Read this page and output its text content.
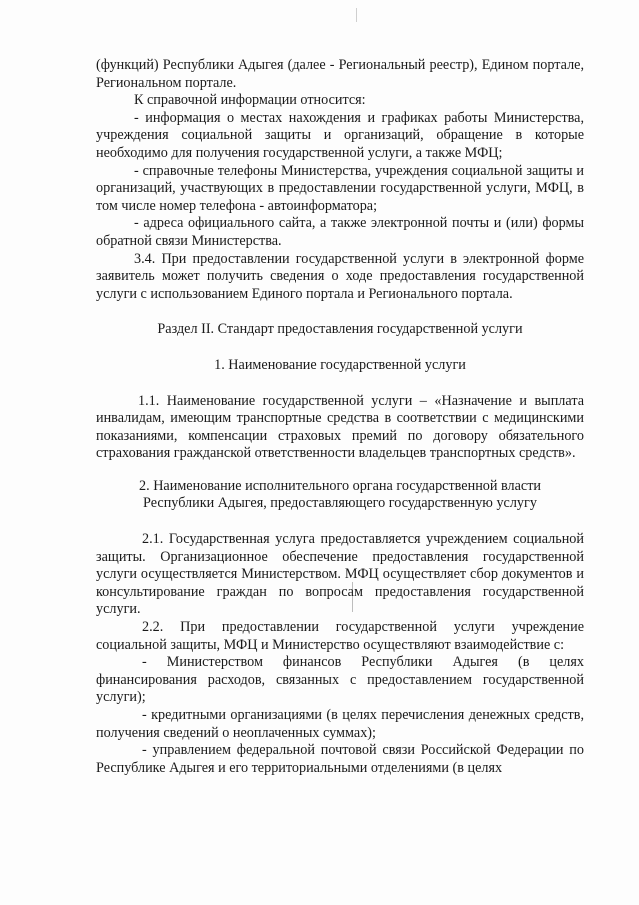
(функций) Республики Адыгея (далее - Региональный реестр), Едином портале, Региональном портале.

К справочной информации относится:

- информация о местах нахождения и графиках работы Министерства, учреждения социальной защиты и организаций, обращение в которые необходимо для получения государственной услуги, а также МФЦ;

- справочные телефоны Министерства, учреждения социальной защиты и организаций, участвующих в предоставлении государственной услуги, МФЦ, в том числе номер телефона - автоинформатора;

- адреса официального сайта, а также электронной почты и (или) формы обратной связи Министерства.

3.4. При предоставлении государственной услуги в электронной форме заявитель может получить сведения о ходе предоставления государственной услуги с использованием Единого портала и Регионального портала.

Раздел II. Стандарт предоставления государственной услуги

1. Наименование государственной услуги

1.1. Наименование государственной услуги – «Назначение и выплата инвалидам, имеющим транспортные средства в соответствии с медицинскими показаниями, компенсации страховых премий по договору обязательного страхования гражданской ответственности владельцев транспортных средств».

2. Наименование исполнительного органа государственной власти

Республики Адыгея, предоставляющего государственную услугу

2.1. Государственная услуга предоставляется учреждением социальной защиты. Организационное обеспечение предоставления государственной услуги осуществляется Министерством. МФЦ осуществляет сбор документов и консультирование граждан по вопросам предоставления государственной услуги.

2.2. При предоставлении государственной услуги учреждение социальной защиты, МФЦ и Министерство осуществляют взаимодействие с:

- Министерством финансов Республики Адыгея (в целях финансирования расходов, связанных с предоставлением государственной услуги);

- кредитными организациями (в целях перечисления денежных средств, получения сведений о неоплаченных суммах);

- управлением федеральной почтовой связи Российской Федерации по Республике Адыгея и его территориальными отделениями (в целях
